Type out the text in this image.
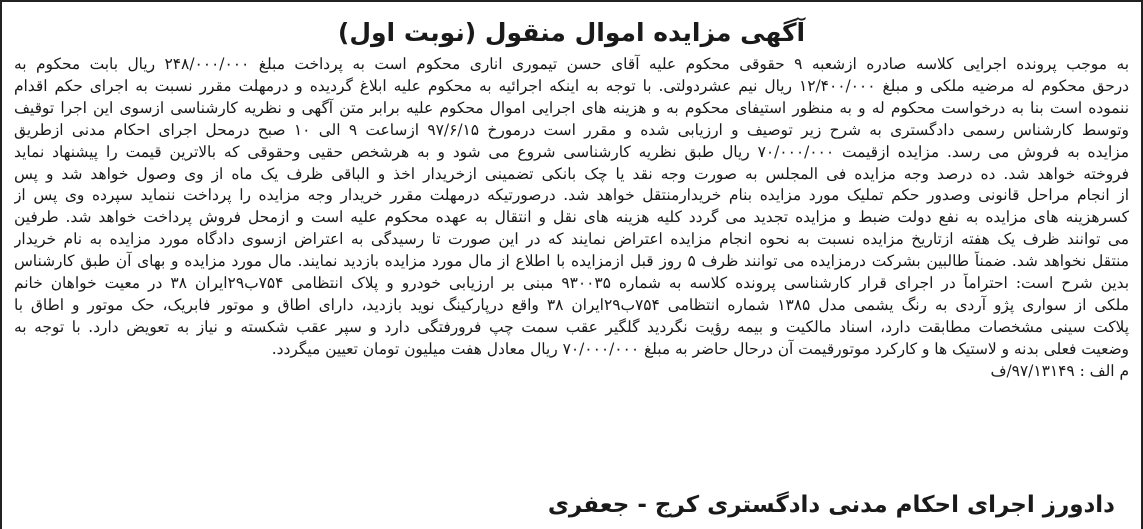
آگهی مزایده اموال منقول (نوبت اول)
به موجب پرونده اجرایی کلاسه صادره ازشعبه ۹ حقوقی محکوم علیه آقای حسن تیموری اناری محکوم است به پرداخت مبلغ ۲۴۸/۰۰۰/۰۰۰ ریال بابت محکوم به
درحق محکوم له مرضیه ملکی و مبلغ ۱۲/۴۰۰/۰۰۰ ریال نیم عشردولتی. با توجه به اینکه اجرائیه به محکوم علیه ابلاغ گردیده و درمهلت مقرر نسبت به اجرای حکم اقدام
ننموده است بنا به درخواست محکوم له و به منظور استیفای محکوم به و هزینه های اجرایی اموال محکوم علیه برابر متن آگهی و نظریه کارشناسی ازسوی این اجرا توقیف
وتوسط کارشناس رسمی دادگستری به شرح زیر توصیف و ارزیابی شده و مقرر است درمورخ ۹۷/۶/۱۵ ازساعت ۹ الی ۱۰ صبح درمحل اجرای احکام مدنی ازطریق
مزایده به فروش می رسد. مزایده ازقیمت ۷۰/۰۰۰/۰۰۰ ریال طبق نظریه کارشناسی شروع می شود و به هرشخص حقیی وحقوقی که بالاترین قیمت را پیشنهاد نماید
فروخته خواهد شد. ده درصد وجه مزایده فی المجلس به صورت وجه نقد یا چک بانکی تضمینی ازخریدار اخذ و الباقی ظرف یک ماه از وی وصول خواهد شد و پس
از انجام مراحل قانونی وصدور حکم تملیک مورد مزایده بنام خریدارمنتقل خواهد شد. درصورتیکه درمهلت مقرر خریدار وجه مزایده را پرداخت ننماید سپرده وی پس از
کسرهزینه های مزایده به نفع دولت ضبط و مزایده تجدید می گردد کلیه هزینه های نقل و انتقال به عهده محکوم علیه است و ازمحل فروش پرداخت خواهد شد. طرفین
می توانند ظرف یک هفته ازتاریخ مزایده نسبت به نحوه انجام مزایده اعتراض نمایند که در این صورت تا رسیدگی به اعتراض ازسوی دادگاه مورد مزایده به نام خریدار
منتقل نخواهد شد. ضمناً طالبین بشرکت درمزایده می توانند ظرف ۵ روز قبل ازمزایده با اطلاع از مال مورد مزایده بازدید نمایند. مال مورد مزایده و بهای آن طبق کارشناس
بدین شرح است: احتراماً در اجرای قرار کارشناسی پرونده کلاسه به شماره ۹۳۰۰۳۵ مبنی بر ارزیابی خودرو و پلاک انتظامی ۷۵۴ب۲۹ایران ۳۸ در معیت خواهان خانم
ملکی از سواری پژو آردی به رنگ یشمی مدل ۱۳۸۵ شماره انتظامی ۷۵۴ب۲۹ایران ۳۸ واقع درپارکینگ نوید بازدید، دارای اطاق و موتور فابریک، حک موتور و اطاق با
پلاکت سینی مشخصات مطابقت دارد، اسناد مالکیت و بیمه رؤیت نگردید گلگیر عقب سمت چپ فرورفتگی دارد و سپر عقب شکسته و نیاز به تعویض دارد. با توجه به
وضعیت فعلی بدنه و لاستیک ها و کارکرد موتورقیمت آن درحال حاضر به مبلغ ۷۰/۰۰۰/۰۰۰ ریال معادل هفت میلیون تومان تعیین میگردد.
م الف : ۹۷/۱۳۱۴۹/ف
دادورز اجرای احکام مدنی دادگستری کرج - جعفری
